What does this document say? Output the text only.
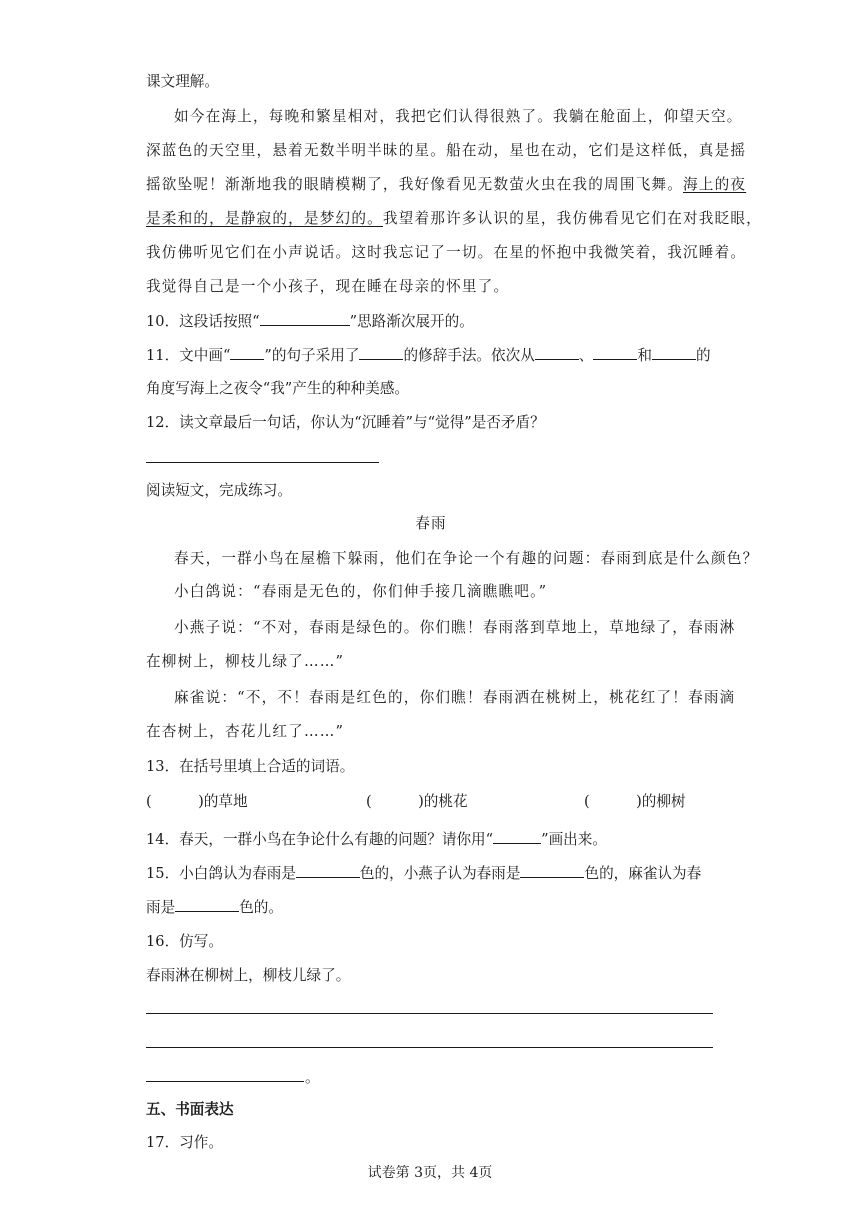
课文理解。
如今在海上，每晚和繁星相对，我把它们认得很熟了。我躺在舱面上，仰望天空。
深蓝色的天空里，悬着无数半明半昧的星。船在动，星也在动，它们是这样低，真是摇
摇欲坠呢！渐渐地我的眼睛模糊了，我好像看见无数萤火虫在我的周围飞舞。海上的夜
是柔和的，是静寂的，是梦幻的。我望着那许多认识的星，我仿佛看见它们在对我眨眼，
我仿佛听见它们在小声说话。这时我忘记了一切。在星的怀抱中我微笑着，我沉睡着。
我觉得自己是一个小孩子，现在睡在母亲的怀里了。
10．这段话按照“	”思路渐次展开的。
11．文中画“ ”的句子采用了	的修辞手法。依次从	、	和	的
角度写海上之夜令“我”产生的种种美感。
12．读文章最后一句话，你认为“沉睡着”与“觉得”是否矛盾？
阅读短文，完成练习。
春雨
春天，一群小鸟在屋檐下躲雨，他们在争论一个有趣的问题：春雨到底是什么颜色？
小白鸽说：“春雨是无色的，你们伸手接几滴瞧瞧吧。”
小燕子说：“不对，春雨是绿色的。你们瞧！春雨落到草地上，草地绿了，春雨淋
在柳树上，柳枝儿绿了……”
麻雀说：“不，不！春雨是红色的，你们瞧！春雨洒在桃树上，桃花红了！春雨滴
在杏树上，杏花儿红了……”
13．在括号里填上合适的词语。
(          )的草地	(          )的桃花	(          )的柳树
14．春天，一群小鸟在争论什么有趣的问题？请你用“	”画出来。
15．小白鸽认为春雨是	色的，小燕子认为春雨是	色的，麻雀认为春
雨是	色的。
16．仿写。
春雨淋在柳树上，柳枝儿绿了。
。
五、书面表达
17．习作。
试卷第 3页，共 4页
